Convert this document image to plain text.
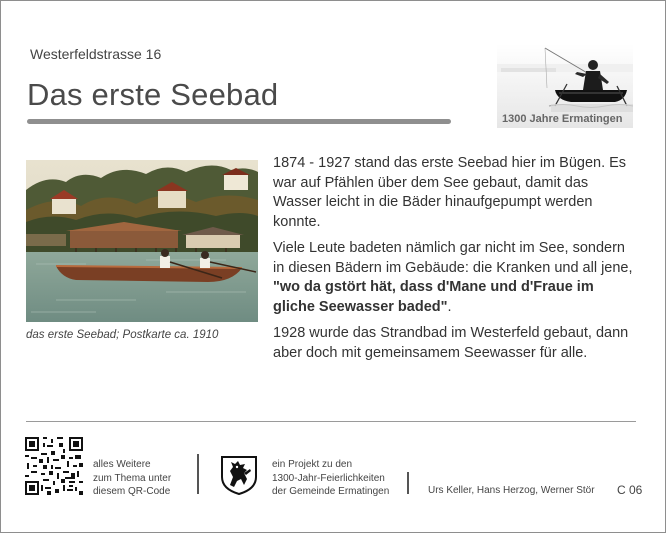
Westerfeldstrasse 16
Das erste Seebad
1300 Jahre Ermatingen
das erste Seebad; Postkarte ca. 1910

1874 - 1927 stand das erste Seebad hier im Bügen. Es war auf Pfählen über dem See gebaut, damit das Wasser leicht in die Bäder hinaufgepumpt werden konnte.

Viele Leute badeten nämlich gar nicht im See, sondern in diesen Bädern im Gebäude: die Kranken und all jene, "wo da gstört hät, dass d'Mane und d'Fraue im gliche Seewasser baded".

1928 wurde das Strandbad im Westerfeld gebaut, dann aber doch mit gemeinsamem Seewasser für alle.

alles Weitere
zum Thema unter
diesem QR-Code
ein Projekt zu den
1300-Jahr-Feierlichkeiten
der Gemeinde Ermatingen	Urs Keller, Hans Herzog, Werner Stör C 06
